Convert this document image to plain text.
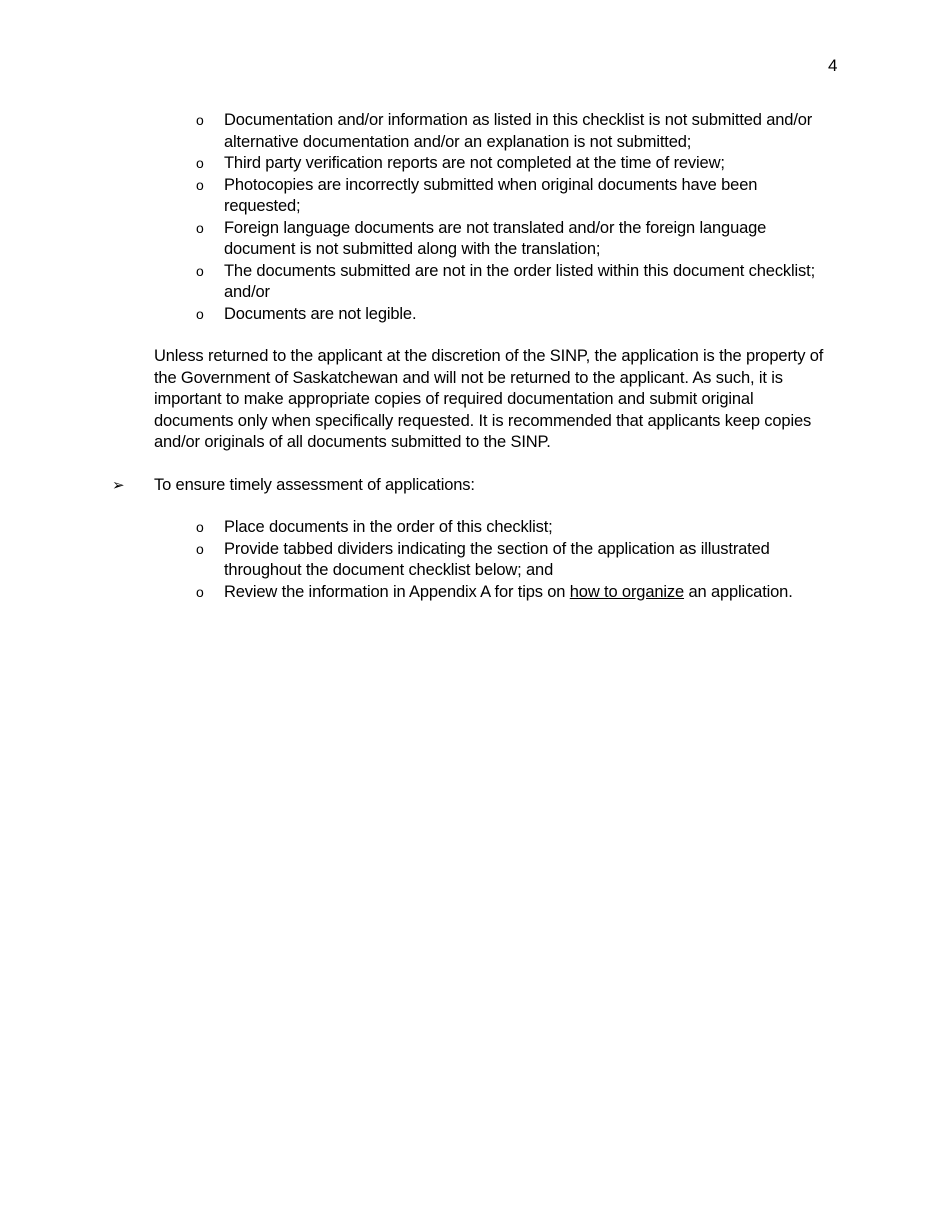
4
o	Documentation and/or information as listed in this checklist is not submitted and/or alternative documentation and/or an explanation is not submitted;
o	Third party verification reports are not completed at the time of review;
o	Photocopies are incorrectly submitted when original documents have been requested;
o	Foreign language documents are not translated and/or the foreign language document is not submitted along with the translation;
o	The documents submitted are not in the order listed within this document checklist; and/or
o	Documents are not legible.

Unless returned to the applicant at the discretion of the SINP, the application is the property of the Government of Saskatchewan and will not be returned to the applicant. As such, it is important to make appropriate copies of required documentation and submit original documents only when specifically requested. It is recommended that applicants keep copies and/or originals of all documents submitted to the SINP.

➢ To ensure timely assessment of applications:
o	Place documents in the order of this checklist;
o	Provide tabbed dividers indicating the section of the application as illustrated throughout the document checklist below; and
o	Review the information in Appendix A for tips on how to organize an application.
